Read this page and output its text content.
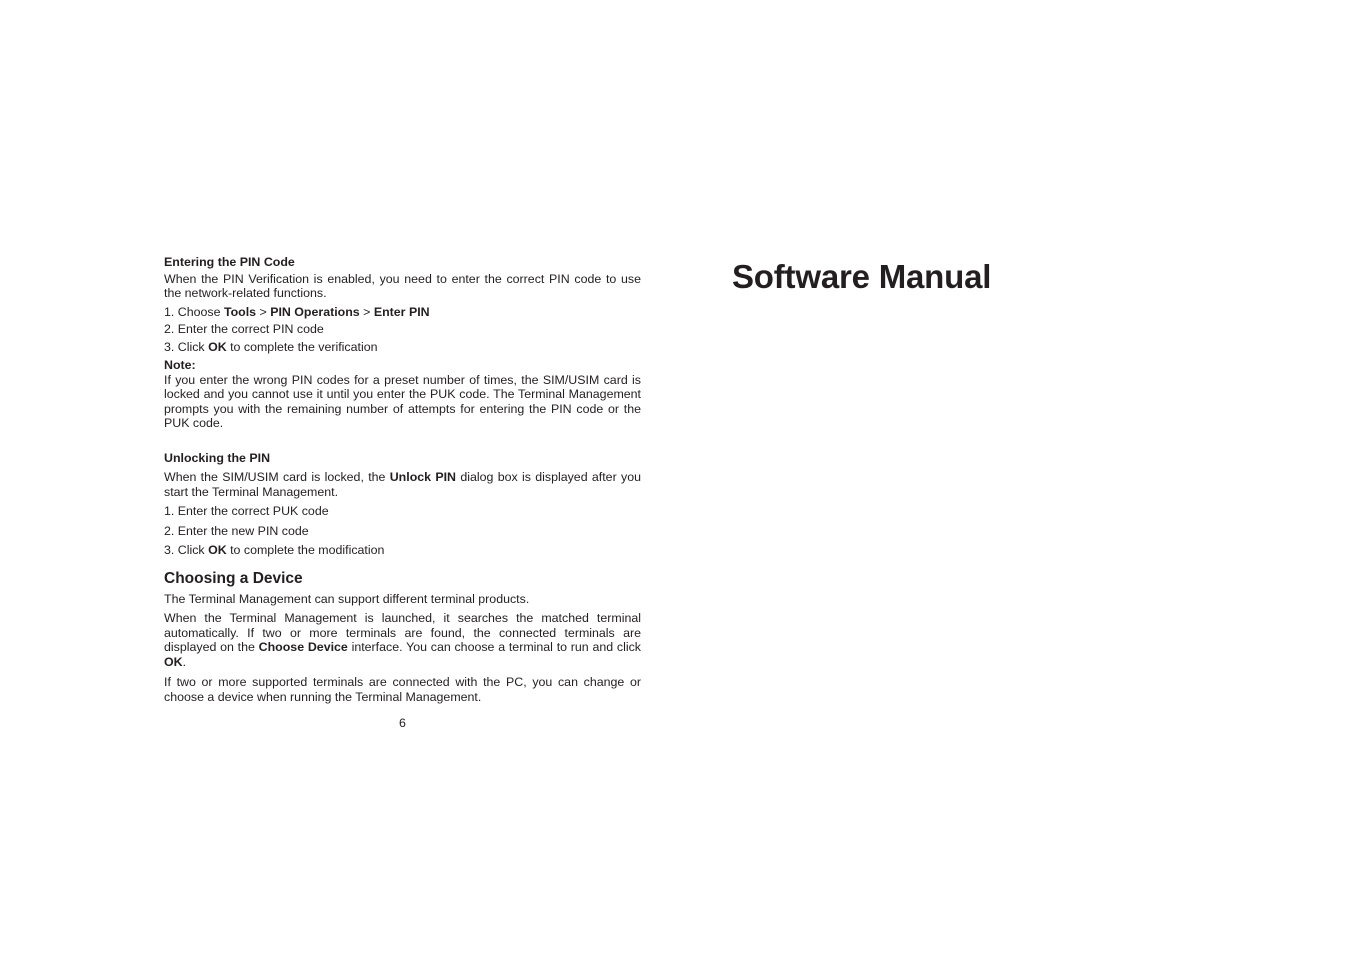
Entering the PIN Code

When the PIN Verification is enabled, you need to enter the correct PIN code to use the network-related functions.

1. Choose Tools > PIN Operations > Enter PIN

2. Enter the correct PIN code

3. Click OK to complete the verification

Note:

If you enter the wrong PIN codes for a preset number of times, the SIM/USIM card is locked and you cannot use it until you enter the PUK code. The Terminal Management prompts you with the remaining number of attempts for entering the PIN code or the PUK code.

Unlocking the PIN

When the SIM/USIM card is locked, the Unlock PIN dialog box is displayed after you start the Terminal Management.

1. Enter the correct PUK code

2. Enter the new PIN code

3. Click OK to complete the modification

Choosing a Device

The Terminal Management can support different terminal products.

When the Terminal Management is launched, it searches the matched terminal automatically. If two or more terminals are found, the connected terminals are displayed on the Choose Device interface. You can choose a terminal to run and click OK.

If two or more supported terminals are connected with the PC, you can change or choose a device when running the Terminal Management.

6
Software Manual
